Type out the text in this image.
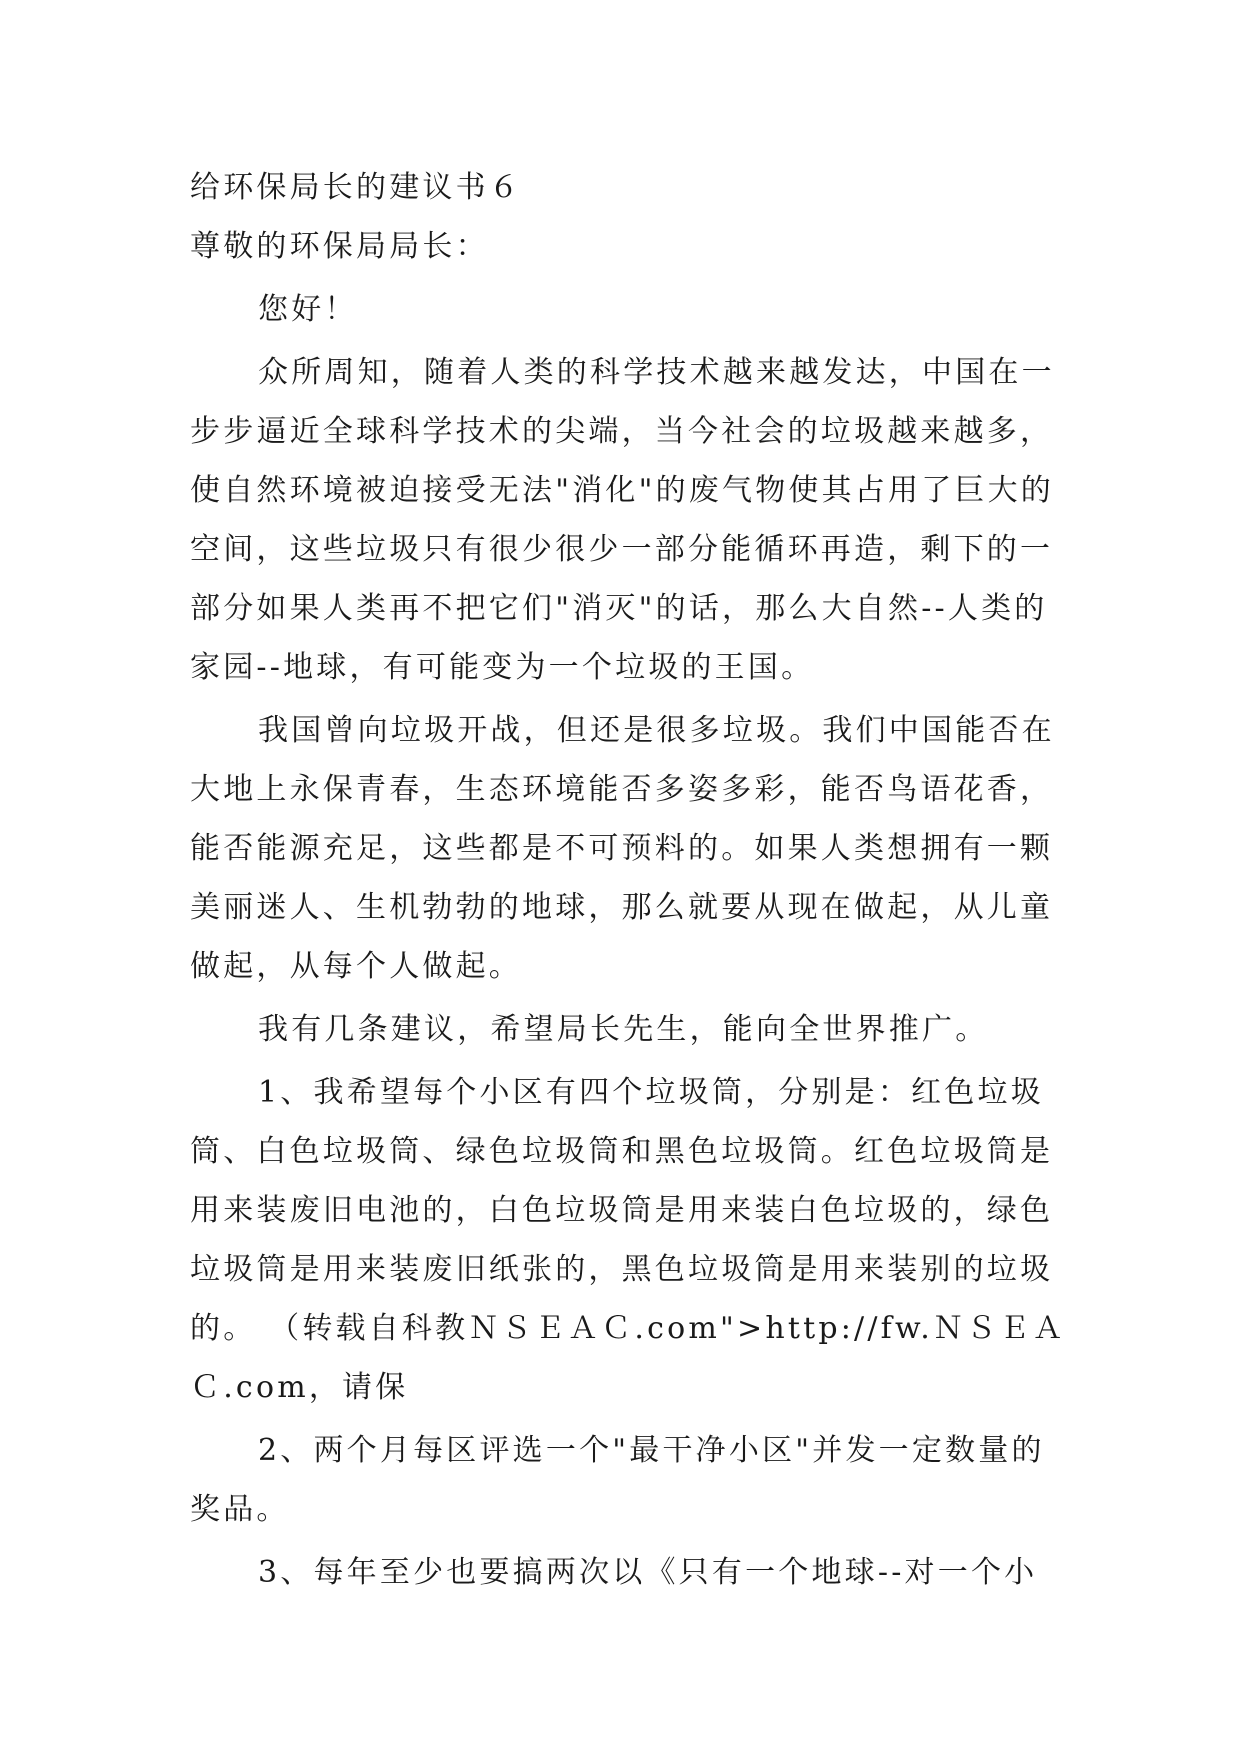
给环保局长的建议书６
尊敬的环保局局长：
您好！
众所周知，随着人类的科学技术越来越发达，中国在一
步步逼近全球科学技术的尖端，当今社会的垃圾越来越多，
使自然环境被迫接受无法"消化"的废气物使其占用了巨大的
空间，这些垃圾只有很少很少一部分能循环再造，剩下的一
部分如果人类再不把它们"消灭"的话，那么大自然--人类的
家园--地球，有可能变为一个垃圾的王国。
我国曾向垃圾开战，但还是很多垃圾。我们中国能否在
大地上永保青春，生态环境能否多姿多彩，能否鸟语花香，
能否能源充足，这些都是不可预料的。如果人类想拥有一颗
美丽迷人、生机勃勃的地球，那么就要从现在做起，从儿童
做起，从每个人做起。
我有几条建议，希望局长先生，能向全世界推广。
1、我希望每个小区有四个垃圾筒，分别是：红色垃圾
筒、白色垃圾筒、绿色垃圾筒和黑色垃圾筒。红色垃圾筒是
用来装废旧电池的，白色垃圾筒是用来装白色垃圾的，绿色
垃圾筒是用来装废旧纸张的，黑色垃圾筒是用来装别的垃圾
的。 （转载自科教ＮＳＥＡＣ.com">http://fw.ＮＳＥＡ
Ｃ.com，请保
2、两个月每区评选一个"最干净小区"并发一定数量的
奖品。
3、每年至少也要搞两次以《只有一个地球--对一个小
